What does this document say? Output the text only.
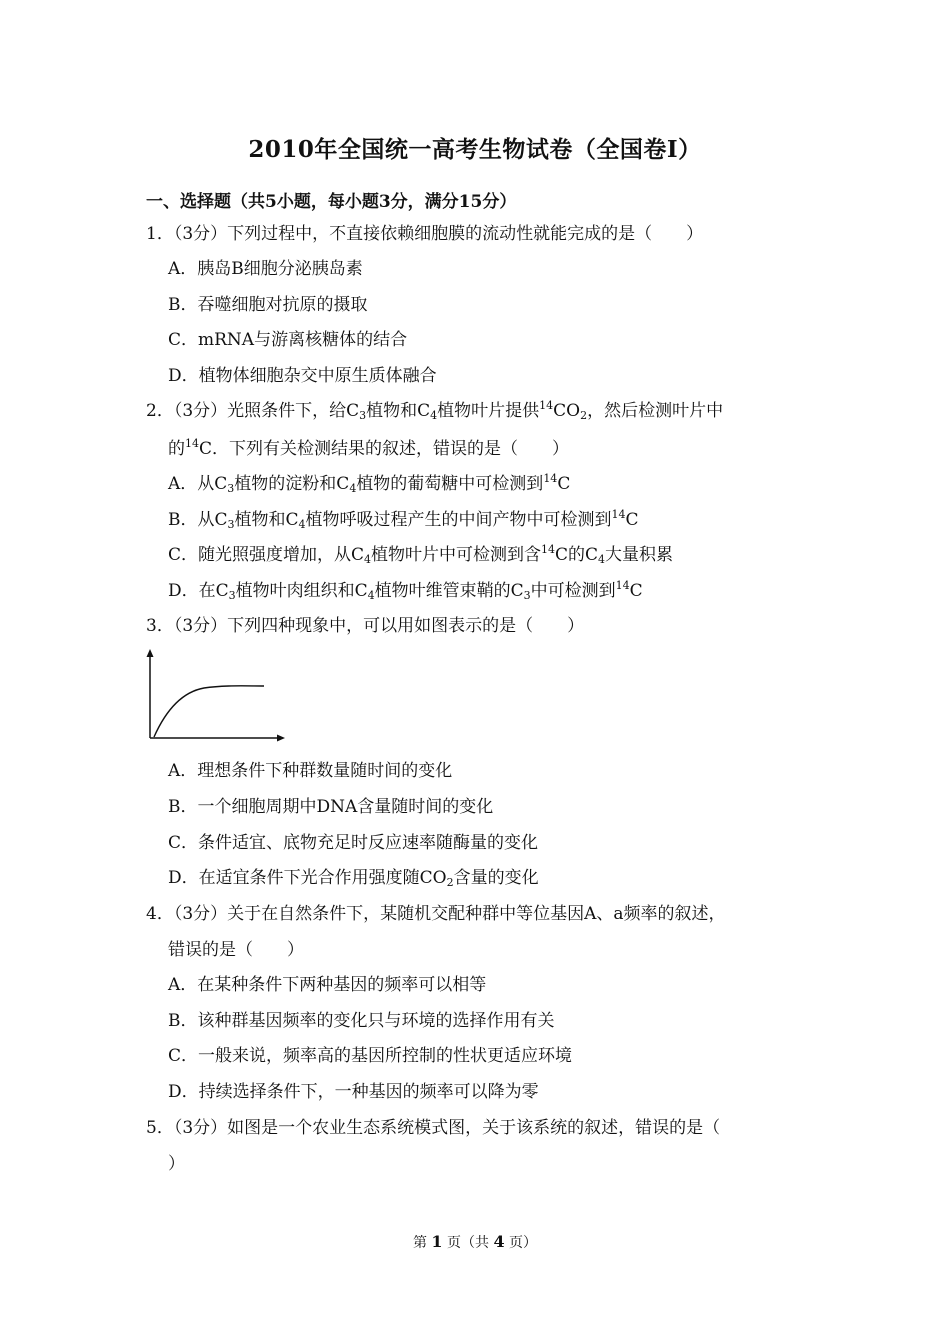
2010年全国统一高考生物试卷（全国卷Ⅰ）
一、选择题（共5小题，每小题3分，满分15分）
1．（3分）下列过程中，不直接依赖细胞膜的流动性就能完成的是（　　）
A．胰岛B细胞分泌胰岛素
B．吞噬细胞对抗原的摄取
C．mRNA与游离核糖体的结合
D．植物体细胞杂交中原生质体融合
2．（3分）光照条件下，给$C_3$植物和$C_4$植物叶片提供$^{14}CO_2$，然后检测叶片中
的$^{14}$C．下列有关检测结果的叙述，错误的是（　　）
A．从$C_3$植物的淀粉和$C_4$植物的葡萄糖中可检测到$^{14}$C
B．从$C_3$植物和$C_4$植物呼吸过程产生的中间产物中可检测到$^{14}$C
C．随光照强度增加，从$C_4$植物叶片中可检测到含$^{14}$C的$C_4$大量积累
D．在$C_3$植物叶肉组织和$C_4$植物叶维管束鞘的$C_3$中可检测到$^{14}$C
3．（3分）下列四种现象中，可以用如图表示的是（　　）
A．理想条件下种群数量随时间的变化
B．一个细胞周期中DNA含量随时间的变化
C．条件适宜、底物充足时反应速率随酶量的变化
D．在适宜条件下光合作用强度随$CO_2$含量的变化
4．（3分）关于在自然条件下，某随机交配种群中等位基因A、a频率的叙述，
错误的是（　　）
A．在某种条件下两种基因的频率可以相等
B．该种群基因频率的变化只与环境的选择作用有关
C．一般来说，频率高的基因所控制的性状更适应环境
D．持续选择条件下，一种基因的频率可以降为零
5．（3分）如图是一个农业生态系统模式图，关于该系统的叙述，错误的是（
）
第 1 页（共 4 页）
